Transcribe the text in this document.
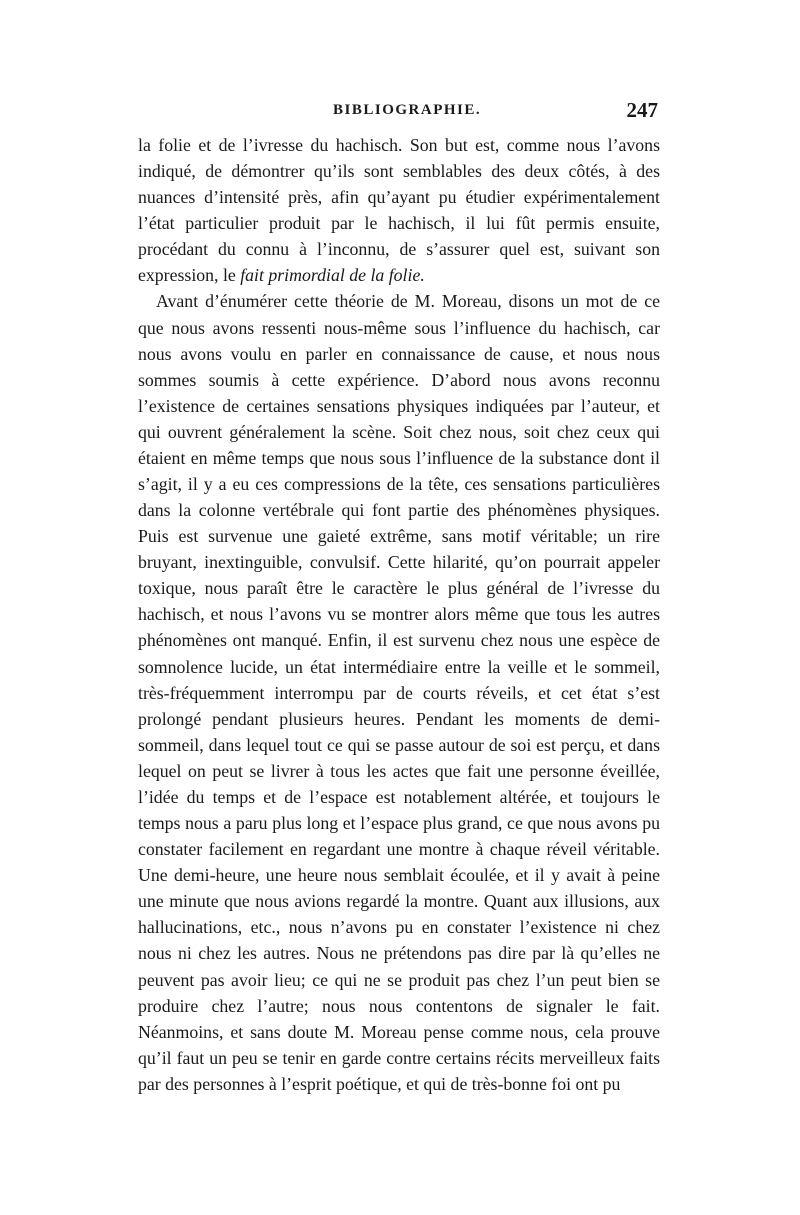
BIBLIOGRAPHIE.	247

la folie et de l’ivresse du hachisch. Son but est, comme nous l’avons indiqué, de démontrer qu’ils sont semblables des deux côtés, à des nuances d’intensité près, afin qu’ayant pu étudier expérimentalement l’état particulier produit par le hachisch, il lui fût permis ensuite, procédant du connu à l’inconnu, de s’assurer quel est, suivant son expression, le fait primordial de la folie.

Avant d’énumérer cette théorie de M. Moreau, disons un mot de ce que nous avons ressenti nous-même sous l’influence du hachisch, car nous avons voulu en parler en connaissance de cause, et nous nous sommes soumis à cette expérience. D’abord nous avons reconnu l’existence de certaines sensations physiques indiquées par l’auteur, et qui ouvrent généralement la scène. Soit chez nous, soit chez ceux qui étaient en même temps que nous sous l’influence de la substance dont il s’agit, il y a eu ces compressions de la tête, ces sensations particulières dans la colonne vertébrale qui font partie des phénomènes physiques. Puis est survenue une gaieté extrême, sans motif véritable; un rire bruyant, inextinguible, convulsif. Cette hilarité, qu’on pourrait appeler toxique, nous paraît être le caractère le plus général de l’ivresse du hachisch, et nous l’avons vu se montrer alors même que tous les autres phénomènes ont manqué. Enfin, il est survenu chez nous une espèce de somnolence lucide, un état intermédiaire entre la veille et le sommeil, très-fréquemment interrompu par de courts réveils, et cet état s’est prolongé pendant plusieurs heures. Pendant les moments de demi-sommeil, dans lequel tout ce qui se passe autour de soi est perçu, et dans lequel on peut se livrer à tous les actes que fait une personne éveillée, l’idée du temps et de l’espace est notablement altérée, et toujours le temps nous a paru plus long et l’espace plus grand, ce que nous avons pu constater facilement en regardant une montre à chaque réveil véritable. Une demi-heure, une heure nous semblait écoulée, et il y avait à peine une minute que nous avions regardé la montre. Quant aux illusions, aux hallucinations, etc., nous n’avons pu en constater l’existence ni chez nous ni chez les autres. Nous ne prétendons pas dire par là qu’elles ne peuvent pas avoir lieu; ce qui ne se produit pas chez l’un peut bien se produire chez l’autre; nous nous contentons de signaler le fait. Néanmoins, et sans doute M. Moreau pense comme nous, cela prouve qu’il faut un peu se tenir en garde contre certains récits merveilleux faits par des personnes à l’esprit poétique, et qui de très-bonne foi ont pu
